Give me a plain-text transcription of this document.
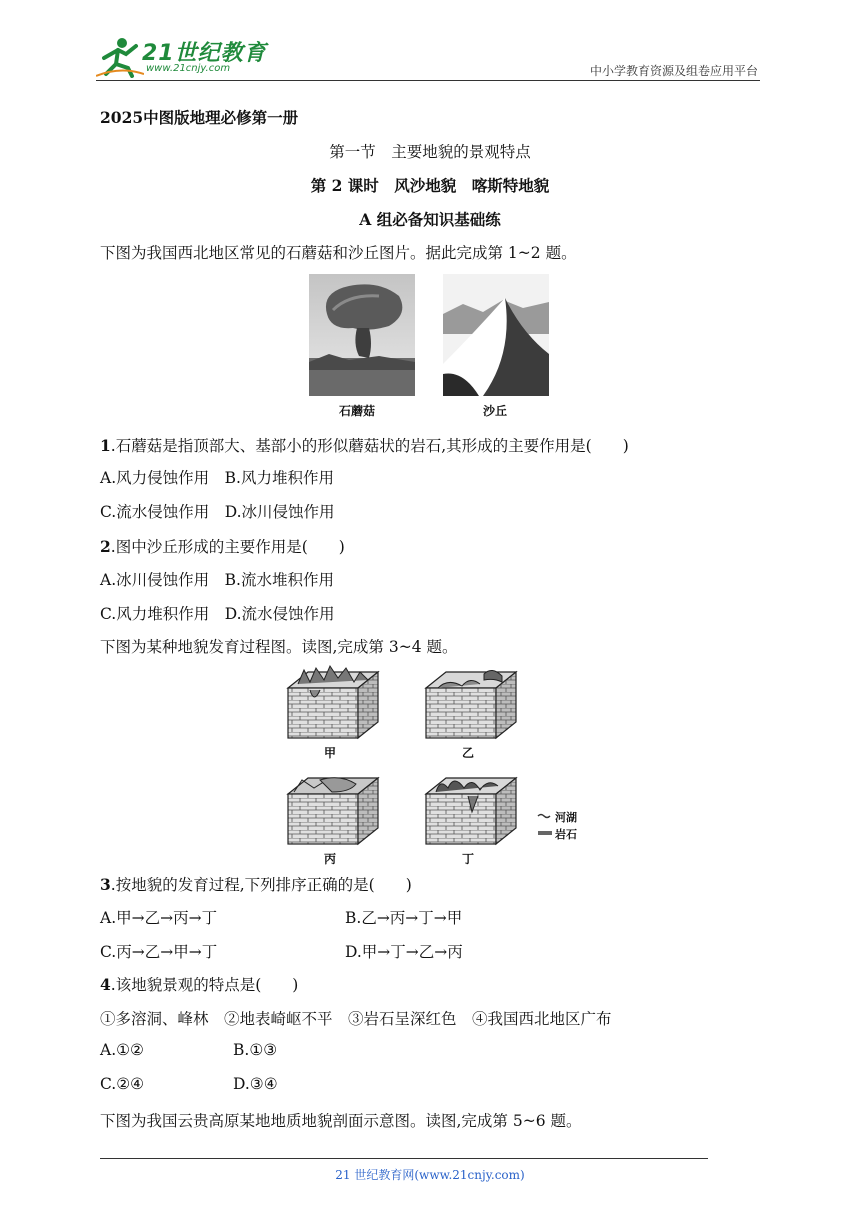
21世纪教育
www.21cnjy.com	中小学教育资源及组卷应用平台
2025中图版地理必修第一册
第一节　主要地貌的景观特点
第 2 课时　风沙地貌　喀斯特地貌
A 组必备知识基础练
下图为我国西北地区常见的石蘑菇和沙丘图片。据此完成第 1~2 题。
石蘑菇	沙丘
1.石蘑菇是指顶部大、基部小的形似蘑菇状的岩石,其形成的主要作用是(　　)
A.风力侵蚀作用　B.风力堆积作用
C.流水侵蚀作用　D.冰川侵蚀作用
2.图中沙丘形成的主要作用是(　　)
A.冰川侵蚀作用　B.流水堆积作用
C.风力堆积作用　D.流水侵蚀作用
下图为某种地貌发育过程图。读图,完成第 3~4 题。
甲	乙
丙	丁
河湖
岩石
3.按地貌的发育过程,下列排序正确的是(　　)
A.甲→乙→丙→丁	B.乙→丙→丁→甲
C.丙→乙→甲→丁	D.甲→丁→乙→丙
4.该地貌景观的特点是(　　)
①多溶洞、峰林　②地表崎岖不平　③岩石呈深红色　④我国西北地区广布
A.①②	B.①③
C.②④	D.③④
下图为我国云贵高原某地地质地貌剖面示意图。读图,完成第 5~6 题。
21 世纪教育网(www.21cnjy.com)
